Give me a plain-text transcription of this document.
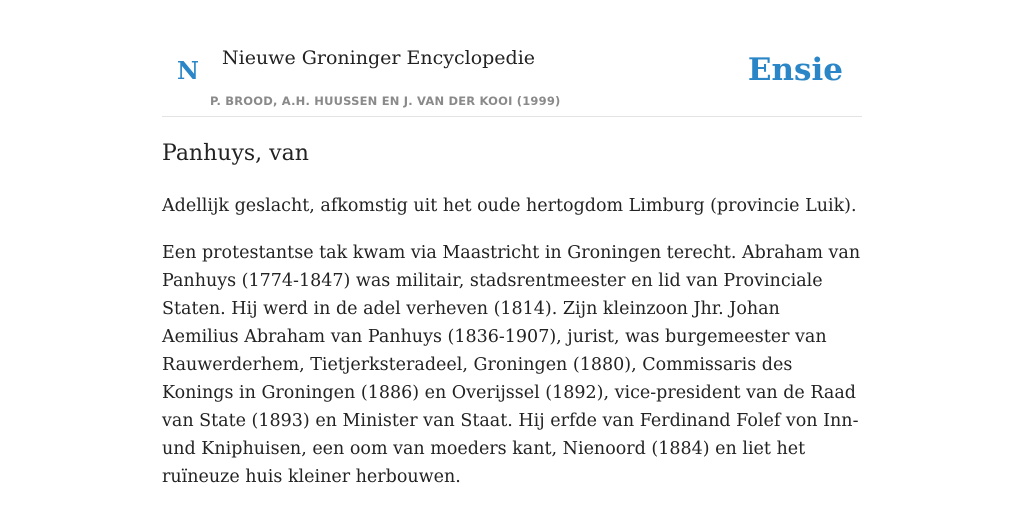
N Nieuwe Groninger Encyclopedie
P. BROOD, A.H. HUUSSEN EN J. VAN DER KOOI (1999)
Ensie
Panhuys, van

Adellijk geslacht, afkomstig uit het oude hertogdom Limburg (provincie Luik).

Een protestantse tak kwam via Maastricht in Groningen terecht. Abraham van Panhuys (1774-1847) was militair, stadsrentmeester en lid van Provinciale Staten. Hij werd in de adel verheven (1814). Zijn kleinzoon Jhr. Johan Aemilius Abraham van Panhuys (1836-1907), jurist, was burgemeester van Rauwerderhem, Tietjerksteradeel, Groningen (1880), Commissaris des Konings in Groningen (1886) en Overijssel (1892), vice-president van de Raad van State (1893) en Minister van Staat. Hij erfde van Ferdinand Folef von Inn- und Kniphuisen, een oom van moeders kant, Nienoord (1884) en liet het ruïneuze huis kleiner herbouwen.
